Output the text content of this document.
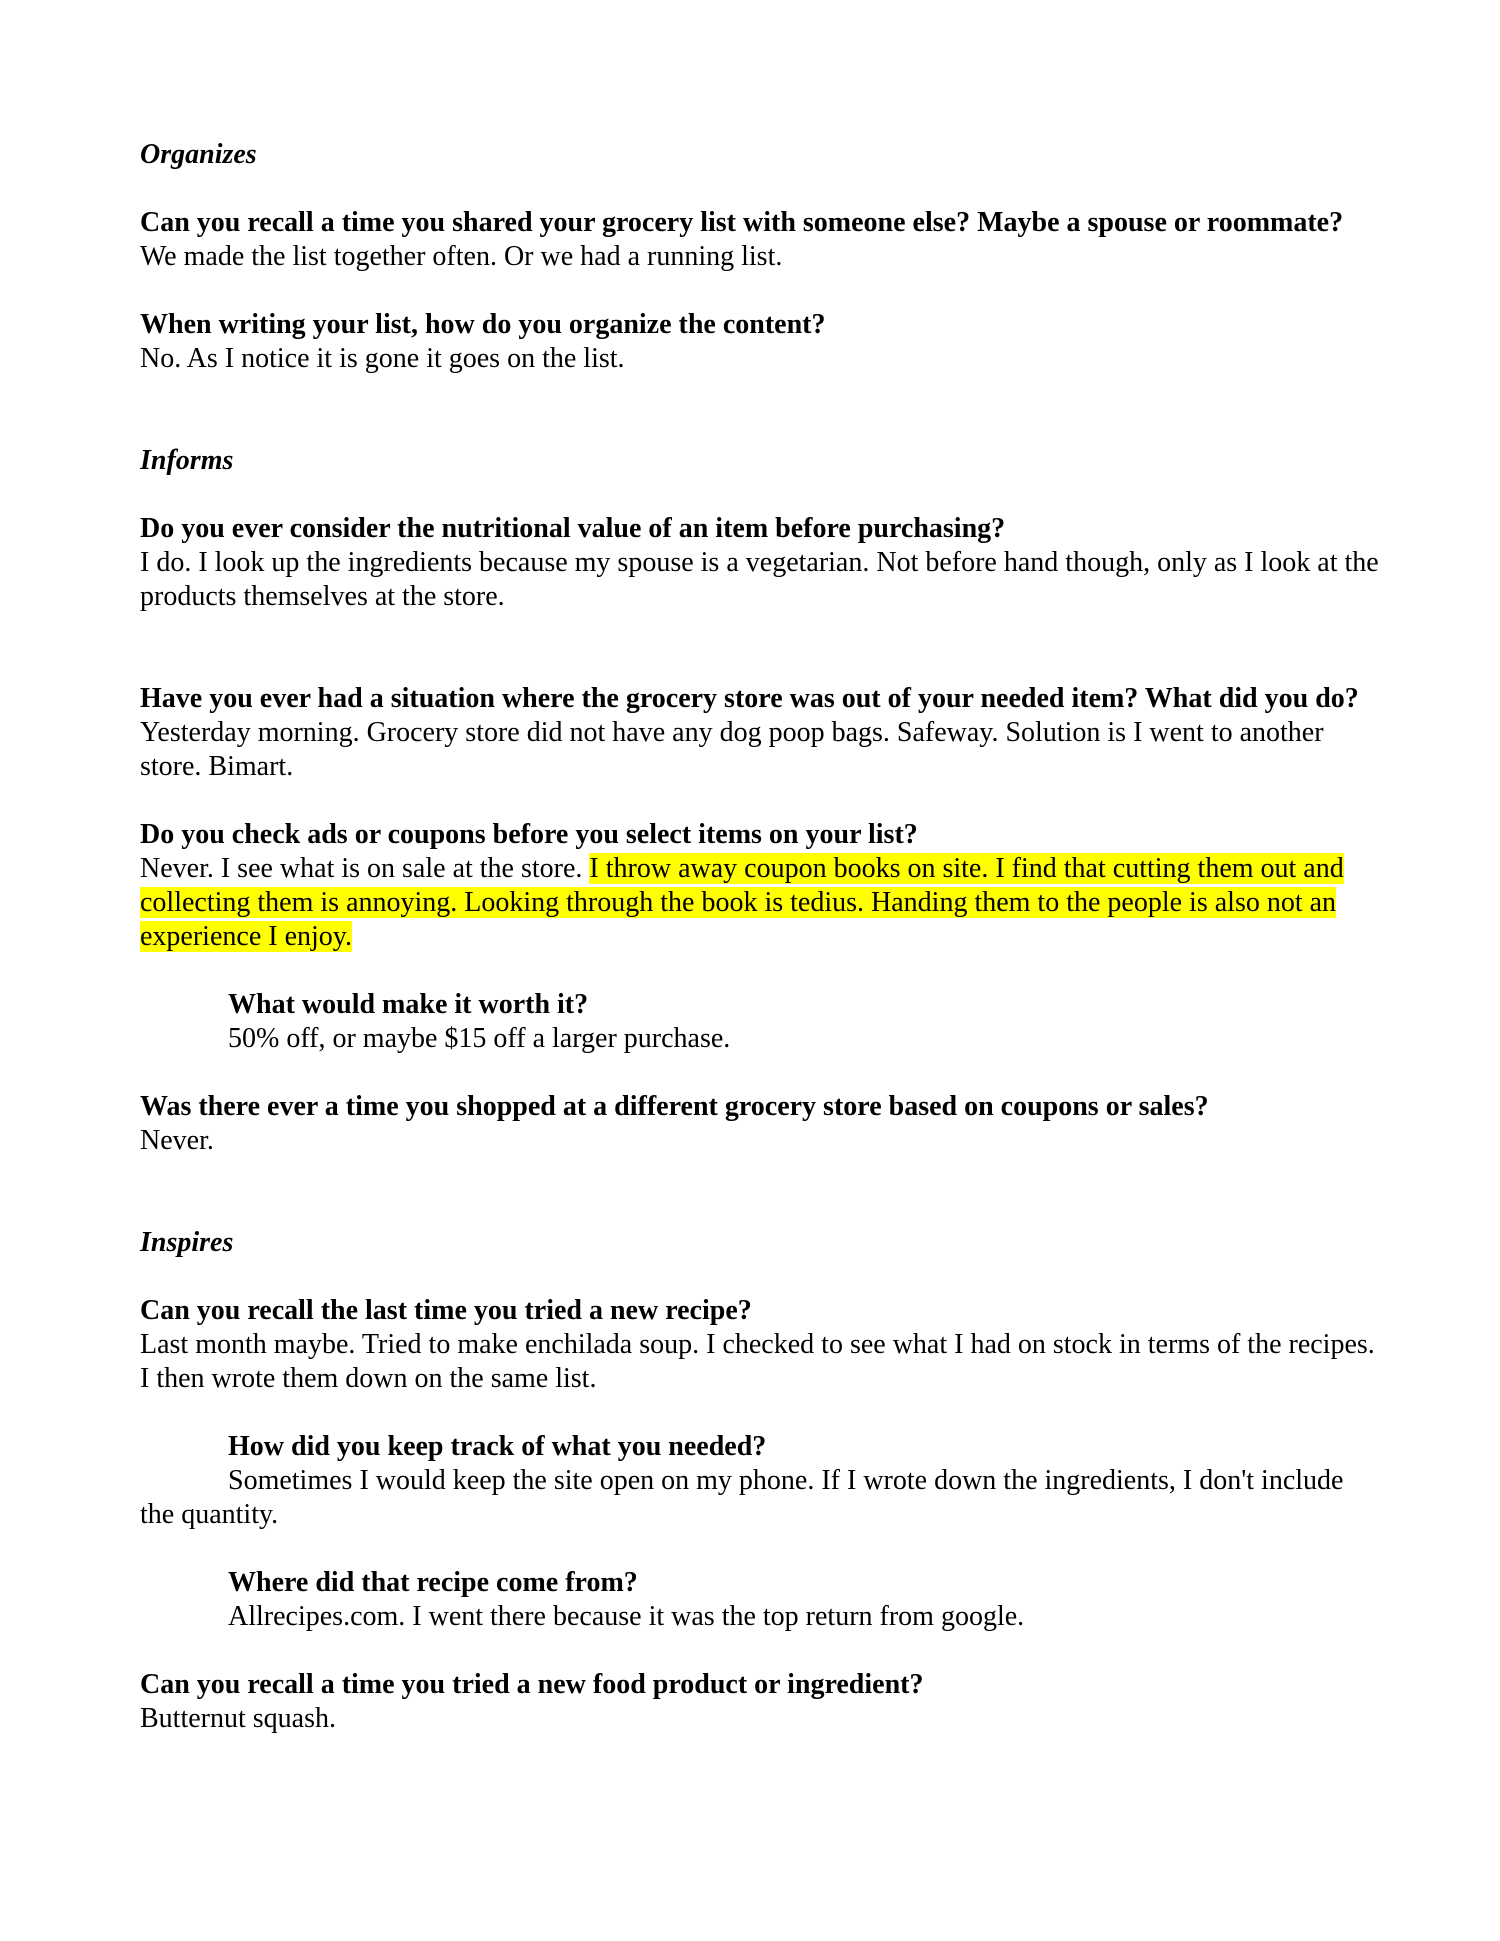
Organizes

Can you recall a time you shared your grocery list with someone else? Maybe a spouse or roommate?

We made the list together often. Or we had a running list.

When writing your list, how do you organize the content?

No. As I notice it is gone it goes on the list.

Informs

Do you ever consider the nutritional value of an item before purchasing?

I do. I look up the ingredients because my spouse is a vegetarian. Not before hand though, only as I look at the products themselves at the store.

Have you ever had a situation where the grocery store was out of your needed item? What did you do?

Yesterday morning. Grocery store did not have any dog poop bags. Safeway. Solution is I went to another store. Bimart.

Do you check ads or coupons before you select items on your list?

Never. I see what is on sale at the store. I throw away coupon books on site. I find that cutting them out and collecting them is annoying. Looking through the book is tedius. Handing them to the people is also not an experience I enjoy.

What would make it worth it?

50% off, or maybe $15 off a larger purchase.

Was there ever a time you shopped at a different grocery store based on coupons or sales?

Never.

Inspires

Can you recall the last time you tried a new recipe?

Last month maybe. Tried to make enchilada soup. I checked to see what I had on stock in terms of the recipes. I then wrote them down on the same list.

How did you keep track of what you needed?

Sometimes I would keep the site open on my phone. If I wrote down the ingredients, I don't include the quantity.

Where did that recipe come from?

Allrecipes.com. I went there because it was the top return from google.

Can you recall a time you tried a new food product or ingredient?

Butternut squash.
